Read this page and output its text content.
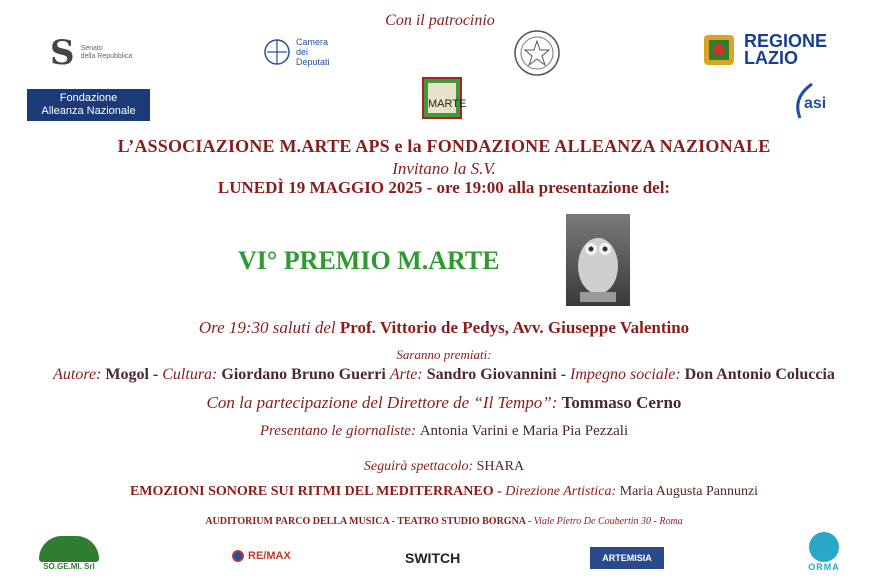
Con il patrocinio
S Senato
della Repubblica
Camera
dei
Deputati
REGIONE
LAZIO
Fondazione
Alleanza Nazionale
MARTE	asi
L’ASSOCIAZIONE M.ARTE APS e la FONDAZIONE ALLEANZA NAZIONALE
Invitano la S.V.
LUNEDÌ 19 MAGGIO 2025 - ore 19:00 alla presentazione del:
VI° PREMIO M.ARTE
Ore 19:30 saluti del Prof. Vittorio de Pedys, Avv. Giuseppe Valentino
Saranno premiati:
Autore: Mogol - Cultura: Giordano Bruno Guerri Arte: Sandro Giovannini - Impegno sociale: Don Antonio Coluccia
Con la partecipazione del Direttore de “Il Tempo”: Tommaso Cerno
Presentano le giornaliste: Antonia Varini e Maria Pia Pezzali
Seguirà spettacolo: SHARA
EMOZIONI SONORE SUI RITMI DEL MEDITERRANEO - Direzione Artistica: Maria Augusta Pannunzi
AUDITORIUM PARCO DELLA MUSICA - TEATRO STUDIO BORGNA - Viale Pietro De Coubertin 30 - Roma
SO.GE.MI. Srl
RE/MAX	SWITCH	ARTEMISIA
ORMA
